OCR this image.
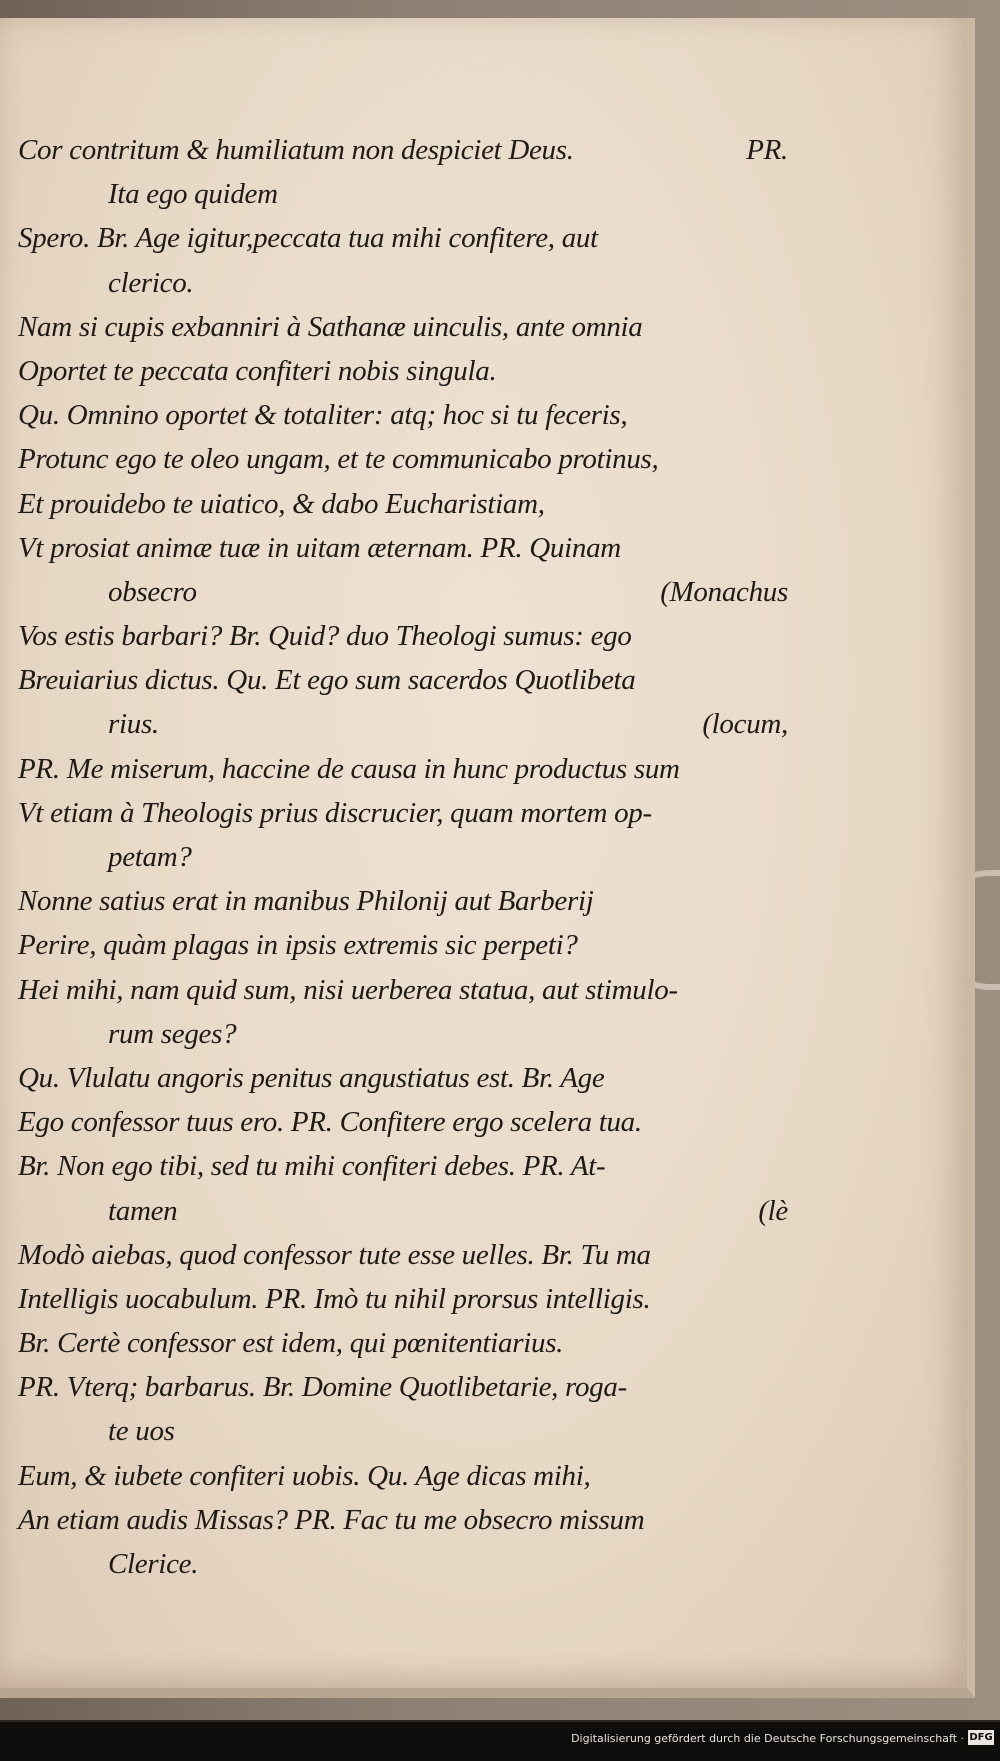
Cor contritum & humiliatum non despiciet Deus.	PR.
Ita ego quidem
Spero. Br. Age igitur,peccata tua mihi confitere, aut
clerico.
Nam si cupis exbanniri à Sathanæ uinculis, ante omnia
Oportet te peccata confiteri nobis singula.
Qu. Omnino oportet & totaliter: atq; hoc si tu feceris,
Protunc ego te oleo ungam, et te communicabo protinus,
Et prouidebo te uiatico, & dabo Eucharistiam,
Vt prosiat animæ tuæ in uitam æternam. PR. Quinam
obsecro	(Monachus
Vos estis barbari? Br. Quid? duo Theologi sumus: ego
Breuiarius dictus. Qu. Et ego sum sacerdos Quotlibeta
rius.	(locum,
PR. Me miserum, haccine de causa in hunc productus sum
Vt etiam à Theologis prius discrucier, quam mortem op-
petam?
Nonne satius erat in manibus Philonij aut Barberij
Perire, quàm plagas in ipsis extremis sic perpeti?
Hei mihi, nam quid sum, nisi uerberea statua, aut stimulo-
rum seges?
Qu. Vlulatu angoris penitus angustiatus est. Br. Age
Ego confessor tuus ero. PR. Confitere ergo scelera tua.
Br. Non ego tibi, sed tu mihi confiteri debes. PR. At-
tamen	(lè
Modò aiebas, quod confessor tute esse uelles. Br. Tu ma
Intelligis uocabulum. PR. Imò tu nihil prorsus intelligis.
Br. Certè confessor est idem, qui pœnitentiarius.
PR. Vterq; barbarus. Br. Domine Quotlibetarie, roga-
te uos
Eum, & iubete confiteri uobis. Qu. Age dicas mihi,
An etiam audis Missas? PR. Fac tu me obsecro missum
Clerice.
Digitalisierung gefördert durch die Deutsche Forschungsgemeinschaft · DFG
